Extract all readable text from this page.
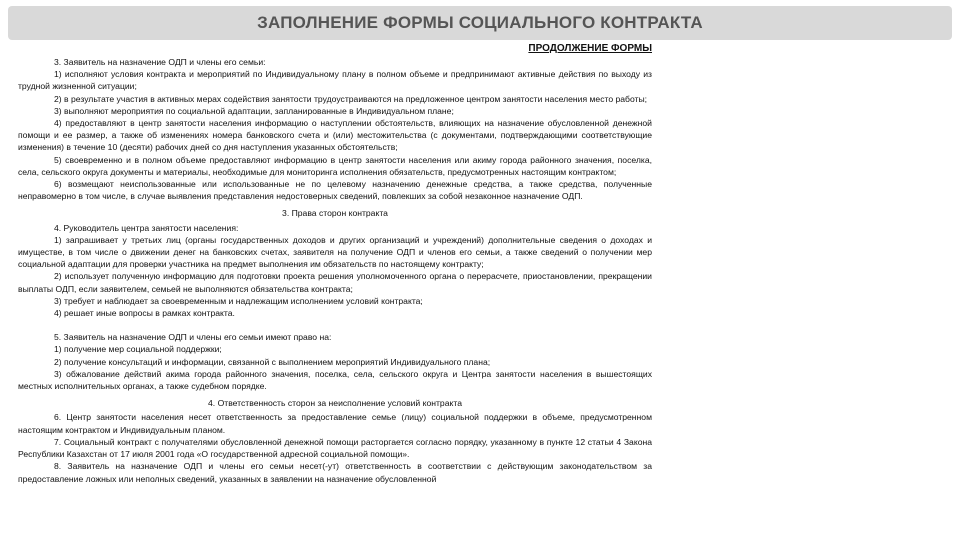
ЗАПОЛНЕНИЕ ФОРМЫ СОЦИАЛЬНОГО КОНТРАКТА

ПРОДОЛЖЕНИЕ ФОРМЫ

3. Заявитель на назначение ОДП и члены его семьи:

1) исполняют условия контракта и мероприятий по Индивидуальному плану в полном объеме и предпринимают активные действия по выходу из трудной жизненной ситуации;

2) в результате участия в активных мерах содействия занятости трудоустраиваются на предложенное центром занятости населения место работы;

3) выполняют мероприятия по социальной адаптации, запланированные в Индивидуальном плане;

4) предоставляют в центр занятости населения информацию о наступлении обстоятельств, влияющих на назначение обусловленной денежной помощи и ее размер, а также об изменениях номера банковского счета и (или) местожительства (с документами, подтверждающими соответствующие изменения) в течение 10 (десяти) рабочих дней со дня наступления указанных обстоятельств;

5) своевременно и в полном объеме предоставляют информацию в центр занятости населения или акиму города районного значения, поселка, села, сельского округа документы и материалы, необходимые для мониторинга исполнения обязательств, предусмотренных настоящим контрактом;

6) возмещают неиспользованные или использованные не по целевому назначению денежные средства, а также средства, полученные неправомерно в том числе, в случае выявления представления недостоверных сведений, повлекших за собой незаконное назначение ОДП.

3. Права сторон контракта

4. Руководитель центра занятости населения:

1) запрашивает у третьих лиц (органы государственных доходов и других организаций и учреждений) дополнительные сведения о доходах и имуществе, в том числе о движении денег на банковских счетах, заявителя на получение ОДП и членов его семьи, а также сведений о получении мер социальной адаптации для проверки участника на предмет выполнения им обязательств по настоящему контракту;

2) использует полученную информацию для подготовки проекта решения уполномоченного органа о перерасчете, приостановлении, прекращении выплаты ОДП, если заявителем, семьей не выполняются обязательства контракта;

3) требует и наблюдает за своевременным и надлежащим исполнением условий контракта;

4) решает иные вопросы в рамках контракта.

5. Заявитель на назначение ОДП и члены его семьи имеют право на:

1) получение мер социальной поддержки;

2) получение консультаций и информации, связанной с выполнением мероприятий Индивидуального плана;

3) обжалование действий акима города районного значения, поселка, села, сельского округа и Центра занятости населения в вышестоящих местных исполнительных органах, а также судебном порядке.

4. Ответственность сторон за неисполнение условий контракта

6. Центр занятости населения несет ответственность за предоставление семье (лицу) социальной поддержки в объеме, предусмотренном настоящим контрактом и Индивидуальным планом.

7. Социальный контракт с получателями обусловленной денежной помощи расторгается согласно порядку, указанному в пункте 12 статьи 4 Закона Республики Казахстан от 17 июля 2001 года «О государственной адресной социальной помощи».

8. Заявитель на назначение ОДП и члены его семьи несет(-ут) ответственность в соответствии с действующим законодательством за предоставление ложных или неполных сведений, указанных в заявлении на назначение обусловленной
